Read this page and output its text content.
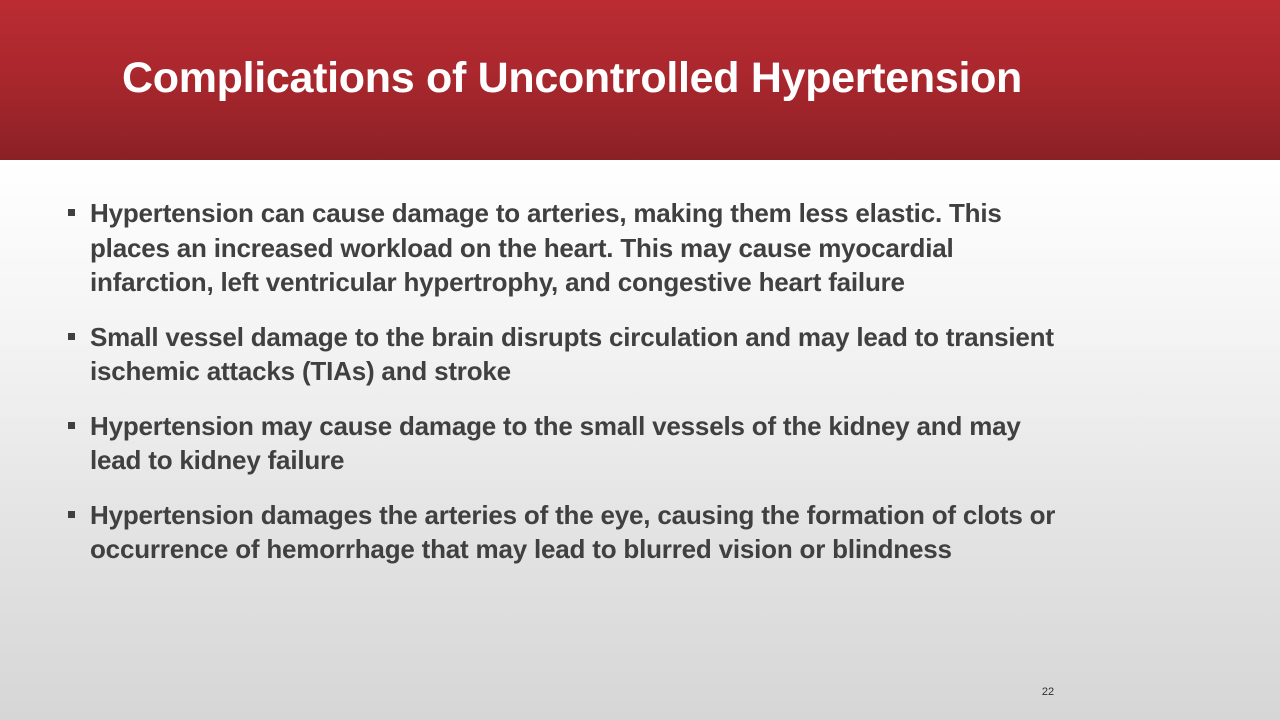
Complications of Uncontrolled Hypertension
Hypertension can cause damage to arteries, making them less elastic. This places an increased workload on the heart. This may cause myocardial infarction, left ventricular hypertrophy, and congestive heart failure
Small vessel damage to the brain disrupts circulation and may lead to transient ischemic attacks (TIAs) and stroke
Hypertension may cause damage to the small vessels of the kidney and may lead to kidney failure
Hypertension damages the arteries of the eye, causing the formation of clots or occurrence of hemorrhage that may lead to blurred vision or blindness
22
